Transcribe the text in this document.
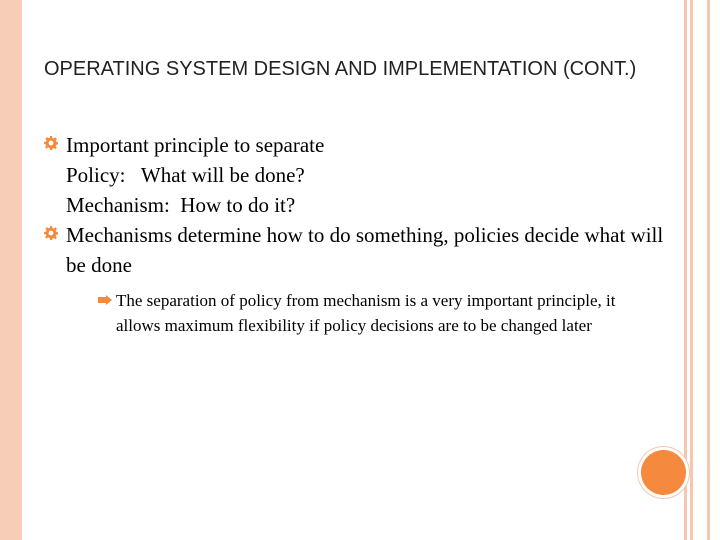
OPERATING SYSTEM DESIGN AND IMPLEMENTATION (CONT.)
Important principle to separate
Policy:   What will be done?
Mechanism:  How to do it?
Mechanisms determine how to do something, policies decide what will be done
The separation of policy from mechanism is a very important principle, it allows maximum flexibility if policy decisions are to be changed later
